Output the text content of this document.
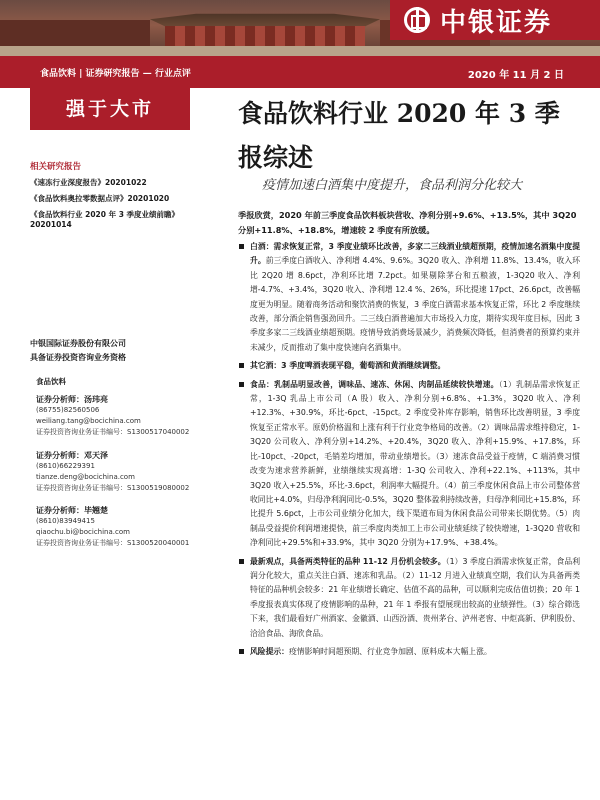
中银证券
食品饮料 | 证券研究报告 — 行业点评	2020 年 11 月 2 日
强于大市
相关研究报告
《速冻行业深度报告》20201022
《食品饮料奥拉零数据点评》20201020
《食品饮料行业 2020 年 3 季度业绩前瞻》20201014
中银国际证券股份有限公司
具备证券投资咨询业务资格
食品饮料
证券分析师：汤玮亮
(86755)82560506
weiliang.tang@bocichina.com
证券投资咨询业务证书编号：S1300517040002
证券分析师：邓天泽
(8610)66229391
tianze.deng@bocichina.com
证券投资咨询业务证书编号：S1300519080002
证券分析师：毕翘楚
(8610)83949415
qiaochu.bi@bocichina.com
证券投资咨询业务证书编号：S1300520040001
食品饮料行业 2020 年 3 季报综述
疫情加速白酒集中度提升，食品利润分化较大
季报欣赏，2020 年前三季度食品饮料板块营收、净利分别+9.6%、+13.5%，其中 3Q20 分别+11.8%、+18.8%，增速较 2 季度有所放缓。
白酒：需求恢复正常，3 季度业绩环比改善，多家二三线酒业绩超预期，疫情加速名酒集中度提升。前三季度白酒收入、净利增 4.4%、9.6%。3Q20 收入、净利增 11.8%、13.4%，收入环比 2Q20 增 8.6pct，净利环比增 7.2pct。如果剔除茅台和五粮液，1-3Q20 收入、净利增-4.7%、+3.4%，3Q20 收入、净利增 12.4 %、26%，环比提速 17pct、26.6pct，改善幅度更为明显。随着商务活动和聚饮消费的恢复，3 季度白酒需求基本恢复正常，环比 2 季度继续改善，部分酒企销售强劲回升。二三线白酒普遍加大市场投入力度，期待实现年度目标，因此 3 季度多家二三线酒业绩超预期。疫情导致消费场景减少，消费频次降低，但消费者的预算约束并未减少，反而推动了集中度快速向名酒集中。
其它酒：3 季度啤酒表现平稳，葡萄酒和黄酒继续调整。
食品：乳制品明显改善，调味品、速冻、休闲、肉制品延续较快增速。（1）乳制品需求恢复正常，1-3Q 乳品上市公司（A 股）收入、净利分别+6.8%、+1.3%，3Q20 收入、净利+12.3%、+30.9%，环比-6pct、-15pct。2 季度受补库存影响，销售环比改善明显，3 季度恢复至正常水平。原奶价格温和上涨有利于行业竞争格局的改善。（2）调味品需求维持稳定，1-3Q20 公司收入、净利分别+14.2%、+20.4%，3Q20 收入、净利+15.9%、+17.8%，环比-10pct、-20pct，毛销差均增加，带动业绩增长。（3）速冻食品受益于疫情，C 端消费习惯改变为速求营养新鲜，业绩继续实现高增：1-3Q 公司收入、净利+22.1%、+113%，其中 3Q20 收入+25.5%，环比-3.6pct，利润率大幅提升。（4）前三季度休闲食品上市公司整体营收同比+4.0%，归母净利润同比-0.5%，3Q20 整体盈利持续改善，归母净利同比+15.8%，环比提升 5.6pct，上市公司业绩分化加大，线下渠道布局为休闲食品公司带来长期优势。（5）肉制品受益提价利润增速提快，前三季度肉类加工上市公司业绩延续了较快增速，1-3Q20 营收和净利同比+29.5%和+33.9%，其中 3Q20 分别为+17.9%、+38.4%。
最新观点，具备两类特征的品种 11-12 月份机会较多。（1）3 季度白酒需求恢复正常，食品利润分化较大，重点关注白酒、速冻和乳品。（2）11-12 月进入业绩真空期，我们认为具备两类特征的品种机会较多：21 年业绩增长确定、估值不高的品种，可以顺利完成估值切换；20 年 1 季度报表真实体现了疫情影响的品种，21 年 1 季报有望展现出较高的业绩弹性。（3）综合筛选下来，我们最看好广州酒家、金徽酒、山西汾酒、贵州茅台、泸州老窖、中炬高新、伊利股份、洽洽食品、海欣食品。
风险提示：疫情影响时间超预期、行业竞争加剧、原料成本大幅上涨。
